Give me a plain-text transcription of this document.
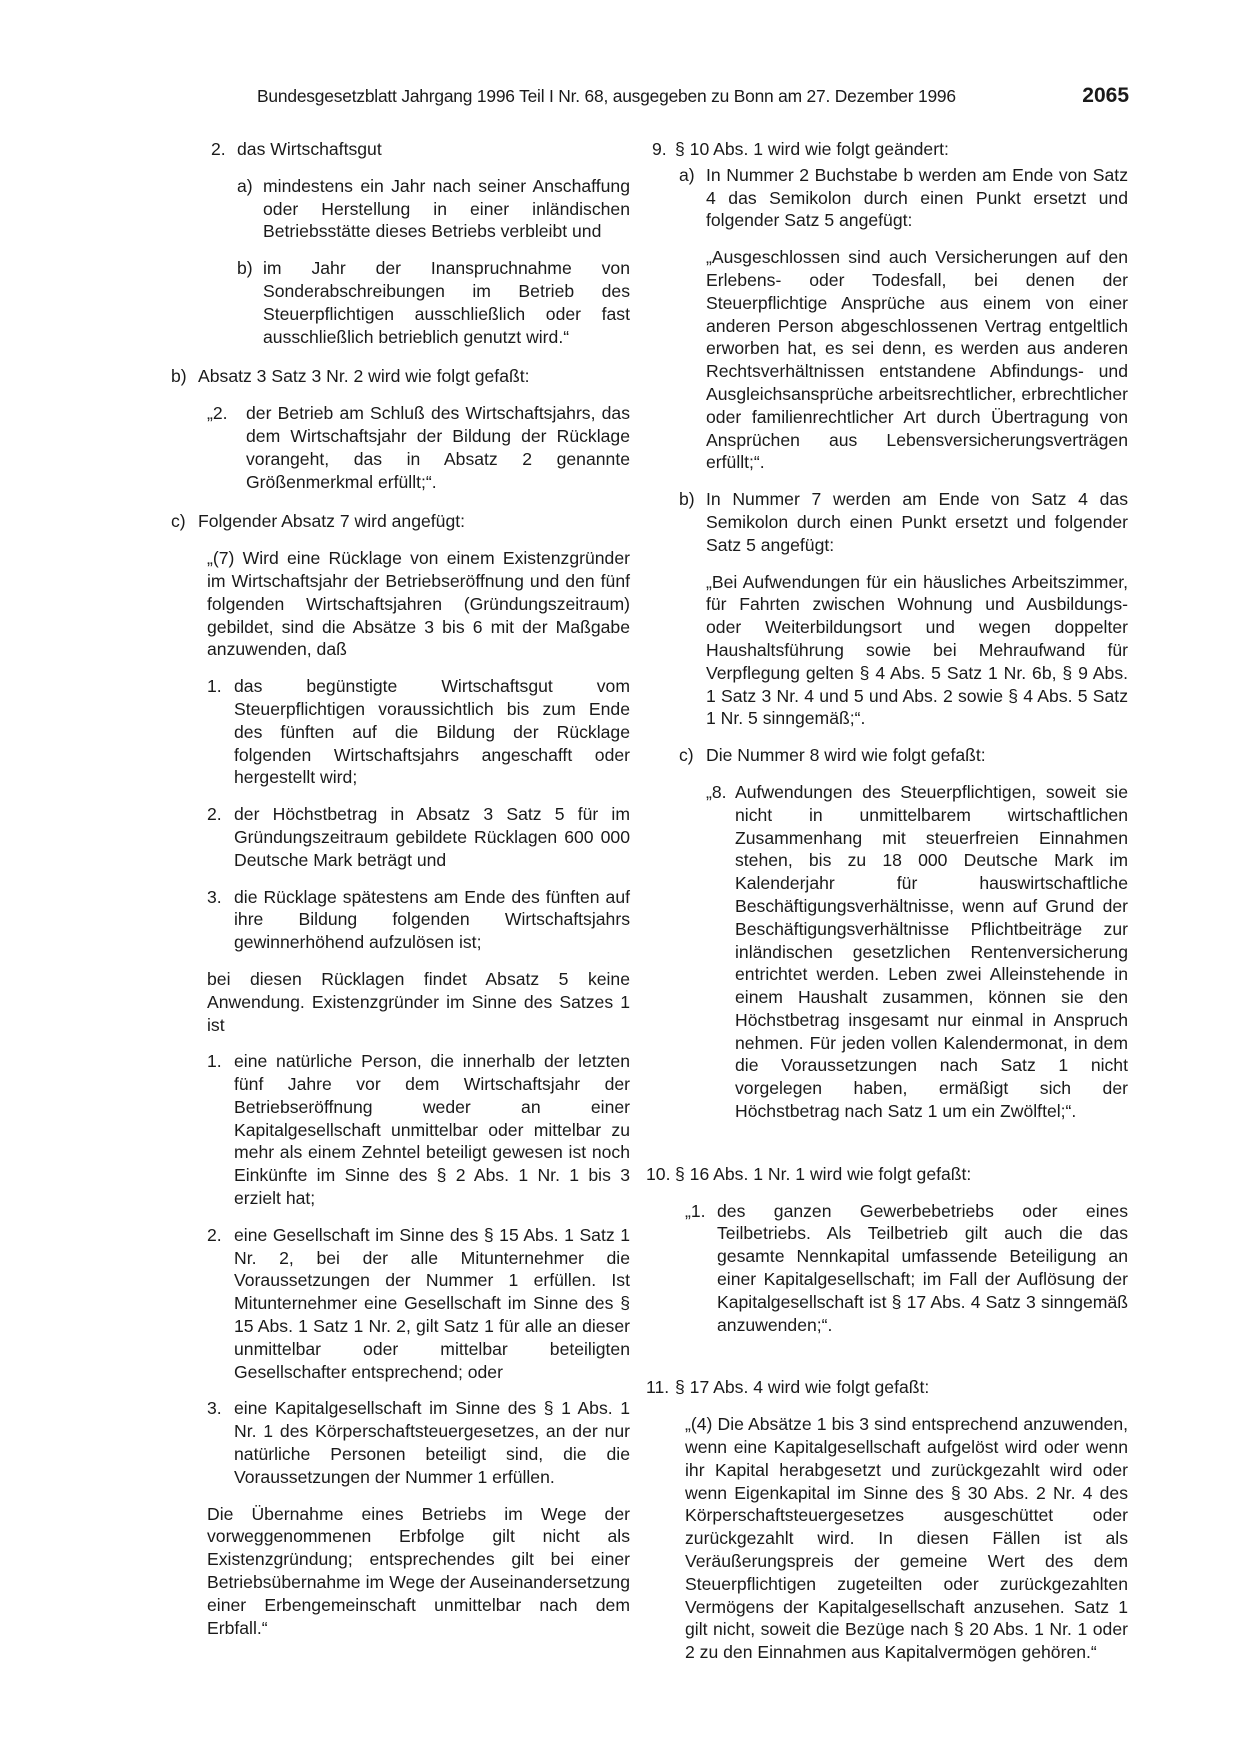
Bundesgesetzblatt Jahrgang 1996 Teil I Nr. 68, ausgegeben zu Bonn am 27. Dezember 1996	2065
2. das Wirtschaftsgut
a) mindestens ein Jahr nach seiner Anschaffung oder Herstellung in einer inländischen Betriebsstätte dieses Betriebs verbleibt und
b) im Jahr der Inanspruchnahme von Sonderabschreibungen im Betrieb des Steuerpflichtigen ausschließlich oder fast ausschließlich betrieblich genutzt wird.“
b) Absatz 3 Satz 3 Nr. 2 wird wie folgt gefaßt:
„2.	der Betrieb am Schluß des Wirtschaftsjahrs, das dem Wirtschaftsjahr der Bildung der Rücklage vorangeht, das in Absatz 2 genannte Größenmerkmal erfüllt;“.
c) Folgender Absatz 7 wird angefügt:

„(7) Wird eine Rücklage von einem Existenzgründer im Wirtschaftsjahr der Betriebseröffnung und den fünf folgenden Wirtschaftsjahren (Gründungszeitraum) gebildet, sind die Absätze 3 bis 6 mit der Maßgabe anzuwenden, daß

1. das begünstigte Wirtschaftsgut vom Steuerpflichtigen voraussichtlich bis zum Ende des fünften auf die Bildung der Rücklage folgenden Wirtschaftsjahrs angeschafft oder hergestellt wird;
2. der Höchstbetrag in Absatz 3 Satz 5 für im Gründungszeitraum gebildete Rücklagen 600 000 Deutsche Mark beträgt und
3. die Rücklage spätestens am Ende des fünften auf ihre Bildung folgenden Wirtschaftsjahrs gewinnerhöhend aufzulösen ist;

bei diesen Rücklagen findet Absatz 5 keine Anwendung. Existenzgründer im Sinne des Satzes 1 ist

1. eine natürliche Person, die innerhalb der letzten fünf Jahre vor dem Wirtschaftsjahr der Betriebseröffnung weder an einer Kapitalgesellschaft unmittelbar oder mittelbar zu mehr als einem Zehntel beteiligt gewesen ist noch Einkünfte im Sinne des § 2 Abs. 1 Nr. 1 bis 3 erzielt hat;
2. eine Gesellschaft im Sinne des § 15 Abs. 1 Satz 1 Nr. 2, bei der alle Mitunternehmer die Voraussetzungen der Nummer 1 erfüllen. Ist Mitunternehmer eine Gesellschaft im Sinne des § 15 Abs. 1 Satz 1 Nr. 2, gilt Satz 1 für alle an dieser unmittelbar oder mittelbar beteiligten Gesellschafter entsprechend; oder
3. eine Kapitalgesellschaft im Sinne des § 1 Abs. 1 Nr. 1 des Körperschaftsteuergesetzes, an der nur natürliche Personen beteiligt sind, die die Voraussetzungen der Nummer 1 erfüllen.

Die Übernahme eines Betriebs im Wege der vorweggenommenen Erbfolge gilt nicht als Existenzgründung; entsprechendes gilt bei einer Betriebsübernahme im Wege der Auseinandersetzung einer Erbengemeinschaft unmittelbar nach dem Erbfall.“

9. § 10 Abs. 1 wird wie folgt geändert:
a) In Nummer 2 Buchstabe b werden am Ende von Satz 4 das Semikolon durch einen Punkt ersetzt und folgender Satz 5 angefügt:

„Ausgeschlossen sind auch Versicherungen auf den Erlebens- oder Todesfall, bei denen der Steuerpflichtige Ansprüche aus einem von einer anderen Person abgeschlossenen Vertrag entgeltlich erworben hat, es sei denn, es werden aus anderen Rechtsverhältnissen entstandene Abfindungs- und Ausgleichsansprüche arbeitsrechtlicher, erbrechtlicher oder familienrechtlicher Art durch Übertragung von Ansprüchen aus Lebensversicherungsverträgen erfüllt;“.

b) In Nummer 7 werden am Ende von Satz 4 das Semikolon durch einen Punkt ersetzt und folgender Satz 5 angefügt:

„Bei Aufwendungen für ein häusliches Arbeitszimmer, für Fahrten zwischen Wohnung und Ausbildungs- oder Weiterbildungsort und wegen doppelter Haushaltsführung sowie bei Mehraufwand für Verpflegung gelten § 4 Abs. 5 Satz 1 Nr. 6b, § 9 Abs. 1 Satz 3 Nr. 4 und 5 und Abs. 2 sowie § 4 Abs. 5 Satz 1 Nr. 5 sinngemäß;“.

c) Die Nummer 8 wird wie folgt gefaßt:
„8. Aufwendungen des Steuerpflichtigen, soweit sie nicht in unmittelbarem wirtschaftlichen Zusammenhang mit steuerfreien Einnahmen stehen, bis zu 18 000 Deutsche Mark im Kalenderjahr für hauswirtschaftliche Beschäftigungsverhältnisse, wenn auf Grund der Beschäftigungsverhältnisse Pflichtbeiträge zur inländischen gesetzlichen Rentenversicherung entrichtet werden. Leben zwei Alleinstehende in einem Haushalt zusammen, können sie den Höchstbetrag insgesamt nur einmal in Anspruch nehmen. Für jeden vollen Kalendermonat, in dem die Voraussetzungen nach Satz 1 nicht vorgelegen haben, ermäßigt sich der Höchstbetrag nach Satz 1 um ein Zwölftel;“.
10. § 16 Abs. 1 Nr. 1 wird wie folgt gefaßt:
„1. des ganzen Gewerbebetriebs oder eines Teilbetriebs. Als Teilbetrieb gilt auch die das gesamte Nennkapital umfassende Beteiligung an einer Kapitalgesellschaft; im Fall der Auflösung der Kapitalgesellschaft ist § 17 Abs. 4 Satz 3 sinngemäß anzuwenden;“.
11. § 17 Abs. 4 wird wie folgt gefaßt:

„(4) Die Absätze 1 bis 3 sind entsprechend anzuwenden, wenn eine Kapitalgesellschaft aufgelöst wird oder wenn ihr Kapital herabgesetzt und zurückgezahlt wird oder wenn Eigenkapital im Sinne des § 30 Abs. 2 Nr. 4 des Körperschaftsteuergesetzes ausgeschüttet oder zurückgezahlt wird. In diesen Fällen ist als Veräußerungspreis der gemeine Wert des dem Steuerpflichtigen zugeteilten oder zurückgezahlten Vermögens der Kapitalgesellschaft anzusehen. Satz 1 gilt nicht, soweit die Bezüge nach § 20 Abs. 1 Nr. 1 oder 2 zu den Einnahmen aus Kapitalvermögen gehören.“
